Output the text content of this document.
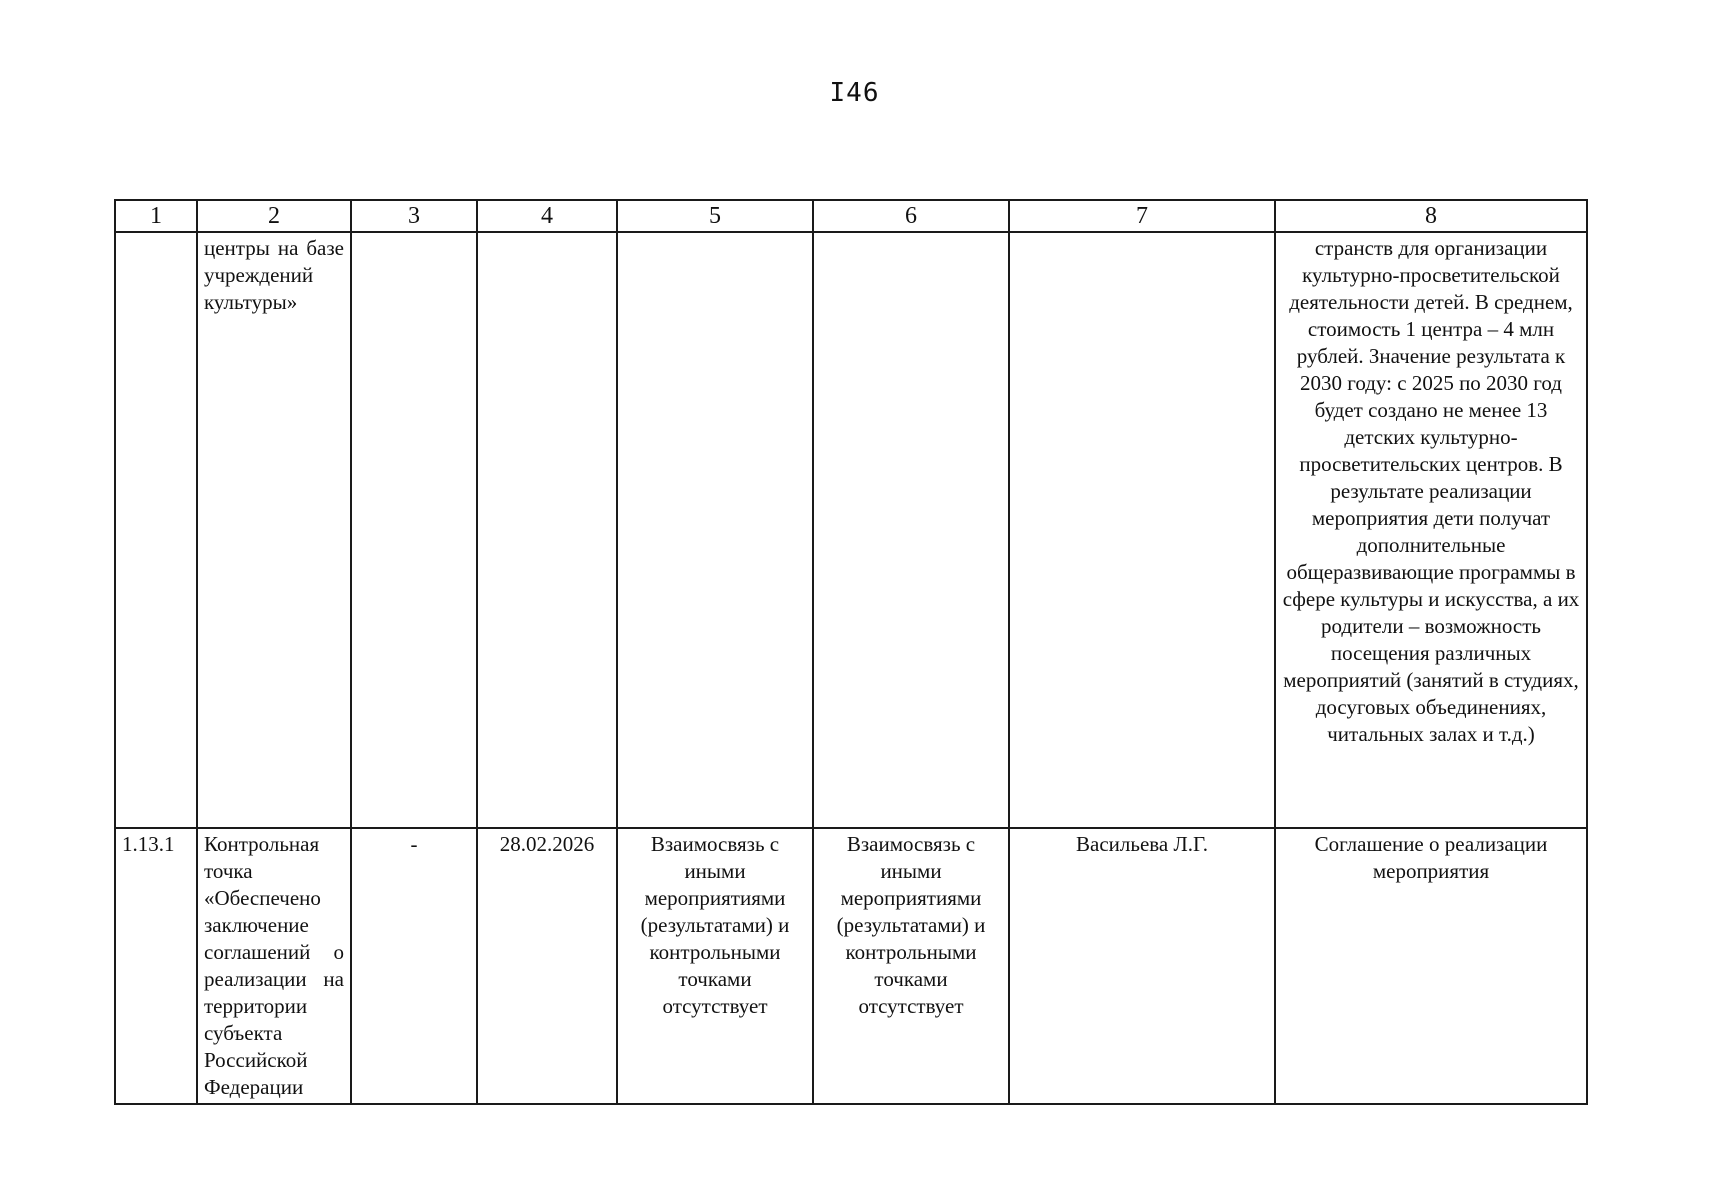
I46
1	2	3	4	5	6	7	8
	центры на базе учреждений культуры»						странств для организации культурно-просветительской деятельности детей. В среднем, стоимость 1 центра – 4 млн рублей. Значение результата к 2030 году: с 2025 по 2030 год будет создано не менее 13 детских культурно-просветительских центров. В результате реализации мероприятия дети получат дополнительные общеразвивающие программы в сфере культуры и искусства, а их родители – возможность посещения различных мероприятий (занятий в студиях, досуговых объединениях, читальных залах и т.д.)
1.13.1	Контрольная точка «Обеспечено заключение соглашений о реализации на территории субъекта Российской Федерации	-	28.02.2026	Взаимосвязь с иными мероприятиями (результатами) и контрольными точками отсутствует	Взаимосвязь с иными мероприятиями (результатами) и контрольными точками отсутствует	Васильева Л.Г.	Соглашение о реализации мероприятия
